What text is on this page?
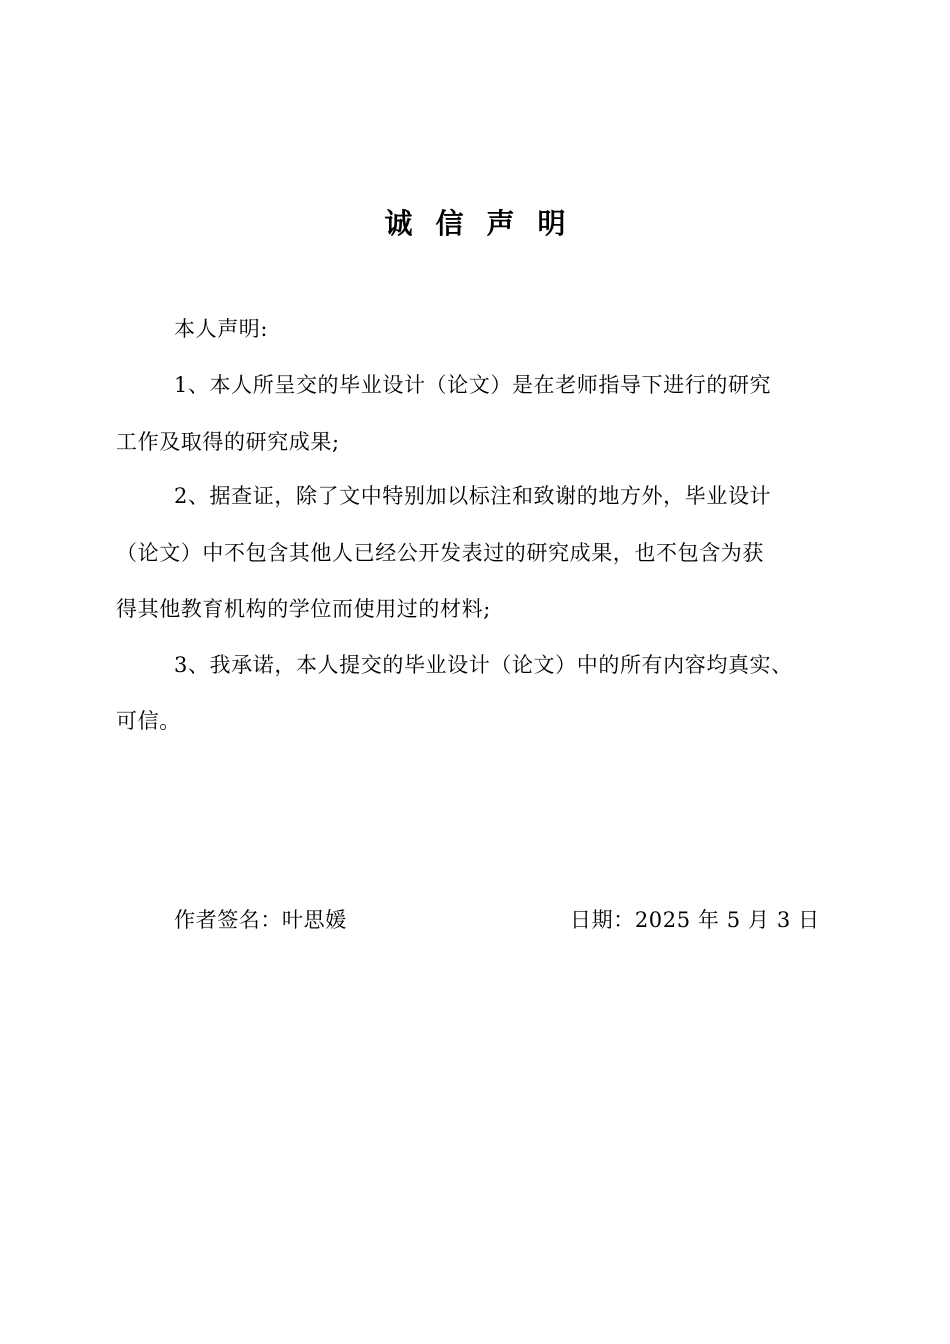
诚信声明
本人声明:
1、本人所呈交的毕业设计（论文）是在老师指导下进行的研究
工作及取得的研究成果;
2、据查证，除了文中特别加以标注和致谢的地方外，毕业设计
（论文）中不包含其他人已经公开发表过的研究成果，也不包含为获
得其他教育机构的学位而使用过的材料;
3、我承诺，本人提交的毕业设计（论文）中的所有内容均真实、
可信。
作者签名：叶思媛	日期：2025 年 5 月 3 日
